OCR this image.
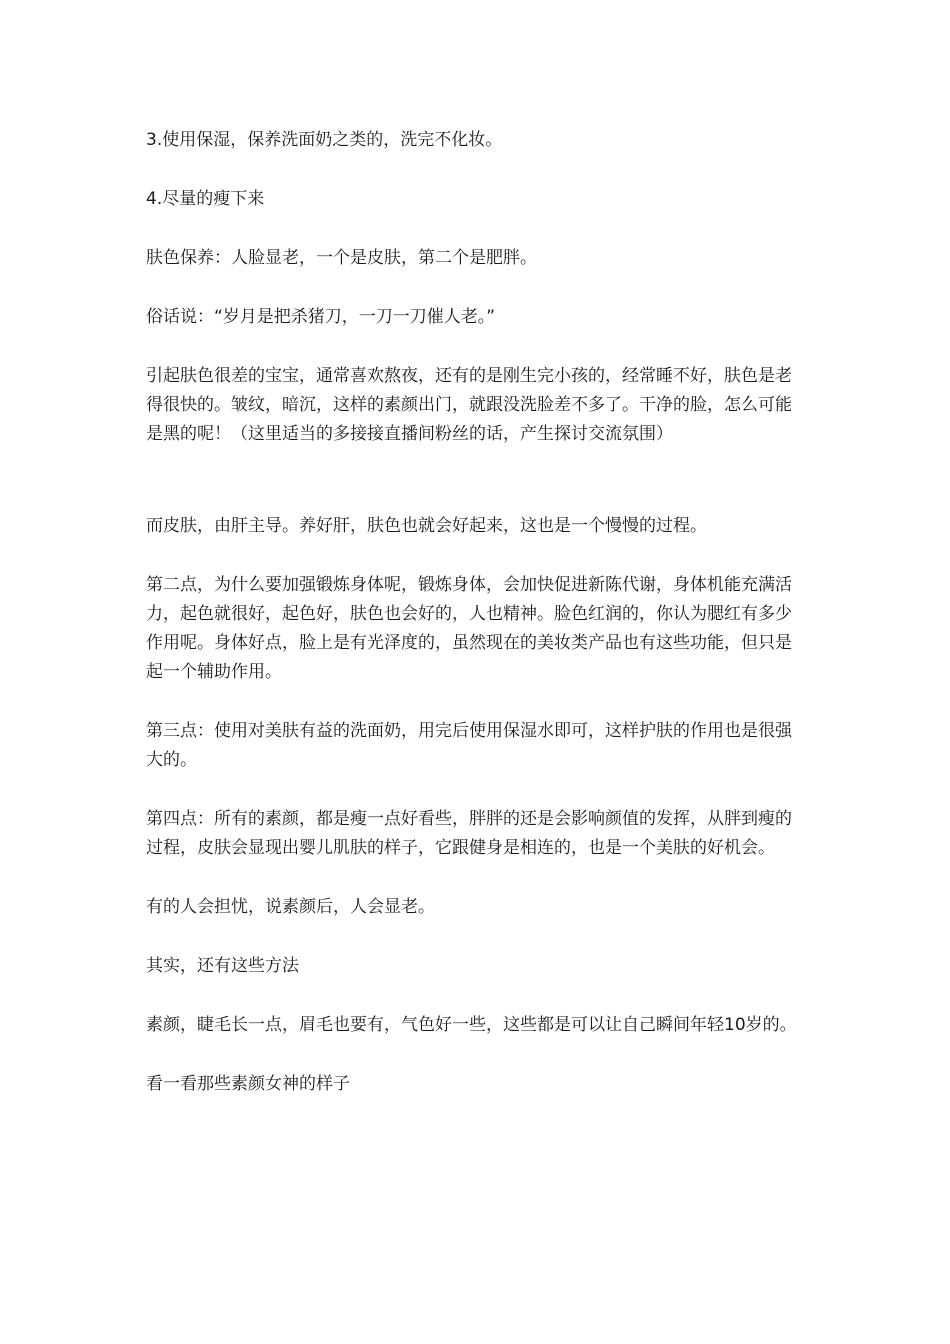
3.使用保湿，保养洗面奶之类的，洗完不化妆。

4.尽量的瘦下来

肤色保养：人脸显老，一个是皮肤，第二个是肥胖。

俗话说：“岁月是把杀猪刀，一刀一刀催人老。”

引起肤色很差的宝宝，通常喜欢熬夜，还有的是刚生完小孩的，经常睡不好，肤色是老得很快的。皱纹，暗沉，这样的素颜出门，就跟没洗脸差不多了。干净的脸，怎么可能是黑的呢！（这里适当的多接接直播间粉丝的话，产生探讨交流氛围）

而皮肤，由肝主导。养好肝，肤色也就会好起来，这也是一个慢慢的过程。

第二点，为什么要加强锻炼身体呢，锻炼身体，会加快促进新陈代谢，身体机能充满活力，起色就很好，起色好，肤色也会好的，人也精神。脸色红润的，你认为腮红有多少作用呢。身体好点，脸上是有光泽度的，虽然现在的美妆类产品也有这些功能，但只是起一个辅助作用。

第三点：使用对美肤有益的洗面奶，用完后使用保湿水即可，这样护肤的作用也是很强大的。

第四点：所有的素颜，都是瘦一点好看些，胖胖的还是会影响颜值的发挥，从胖到瘦的过程，皮肤会显现出婴儿肌肤的样子，它跟健身是相连的，也是一个美肤的好机会。

有的人会担忧，说素颜后，人会显老。

其实，还有这些方法

素颜，睫毛长一点，眉毛也要有，气色好一些，这些都是可以让自己瞬间年轻10岁的。

看一看那些素颜女神的样子
